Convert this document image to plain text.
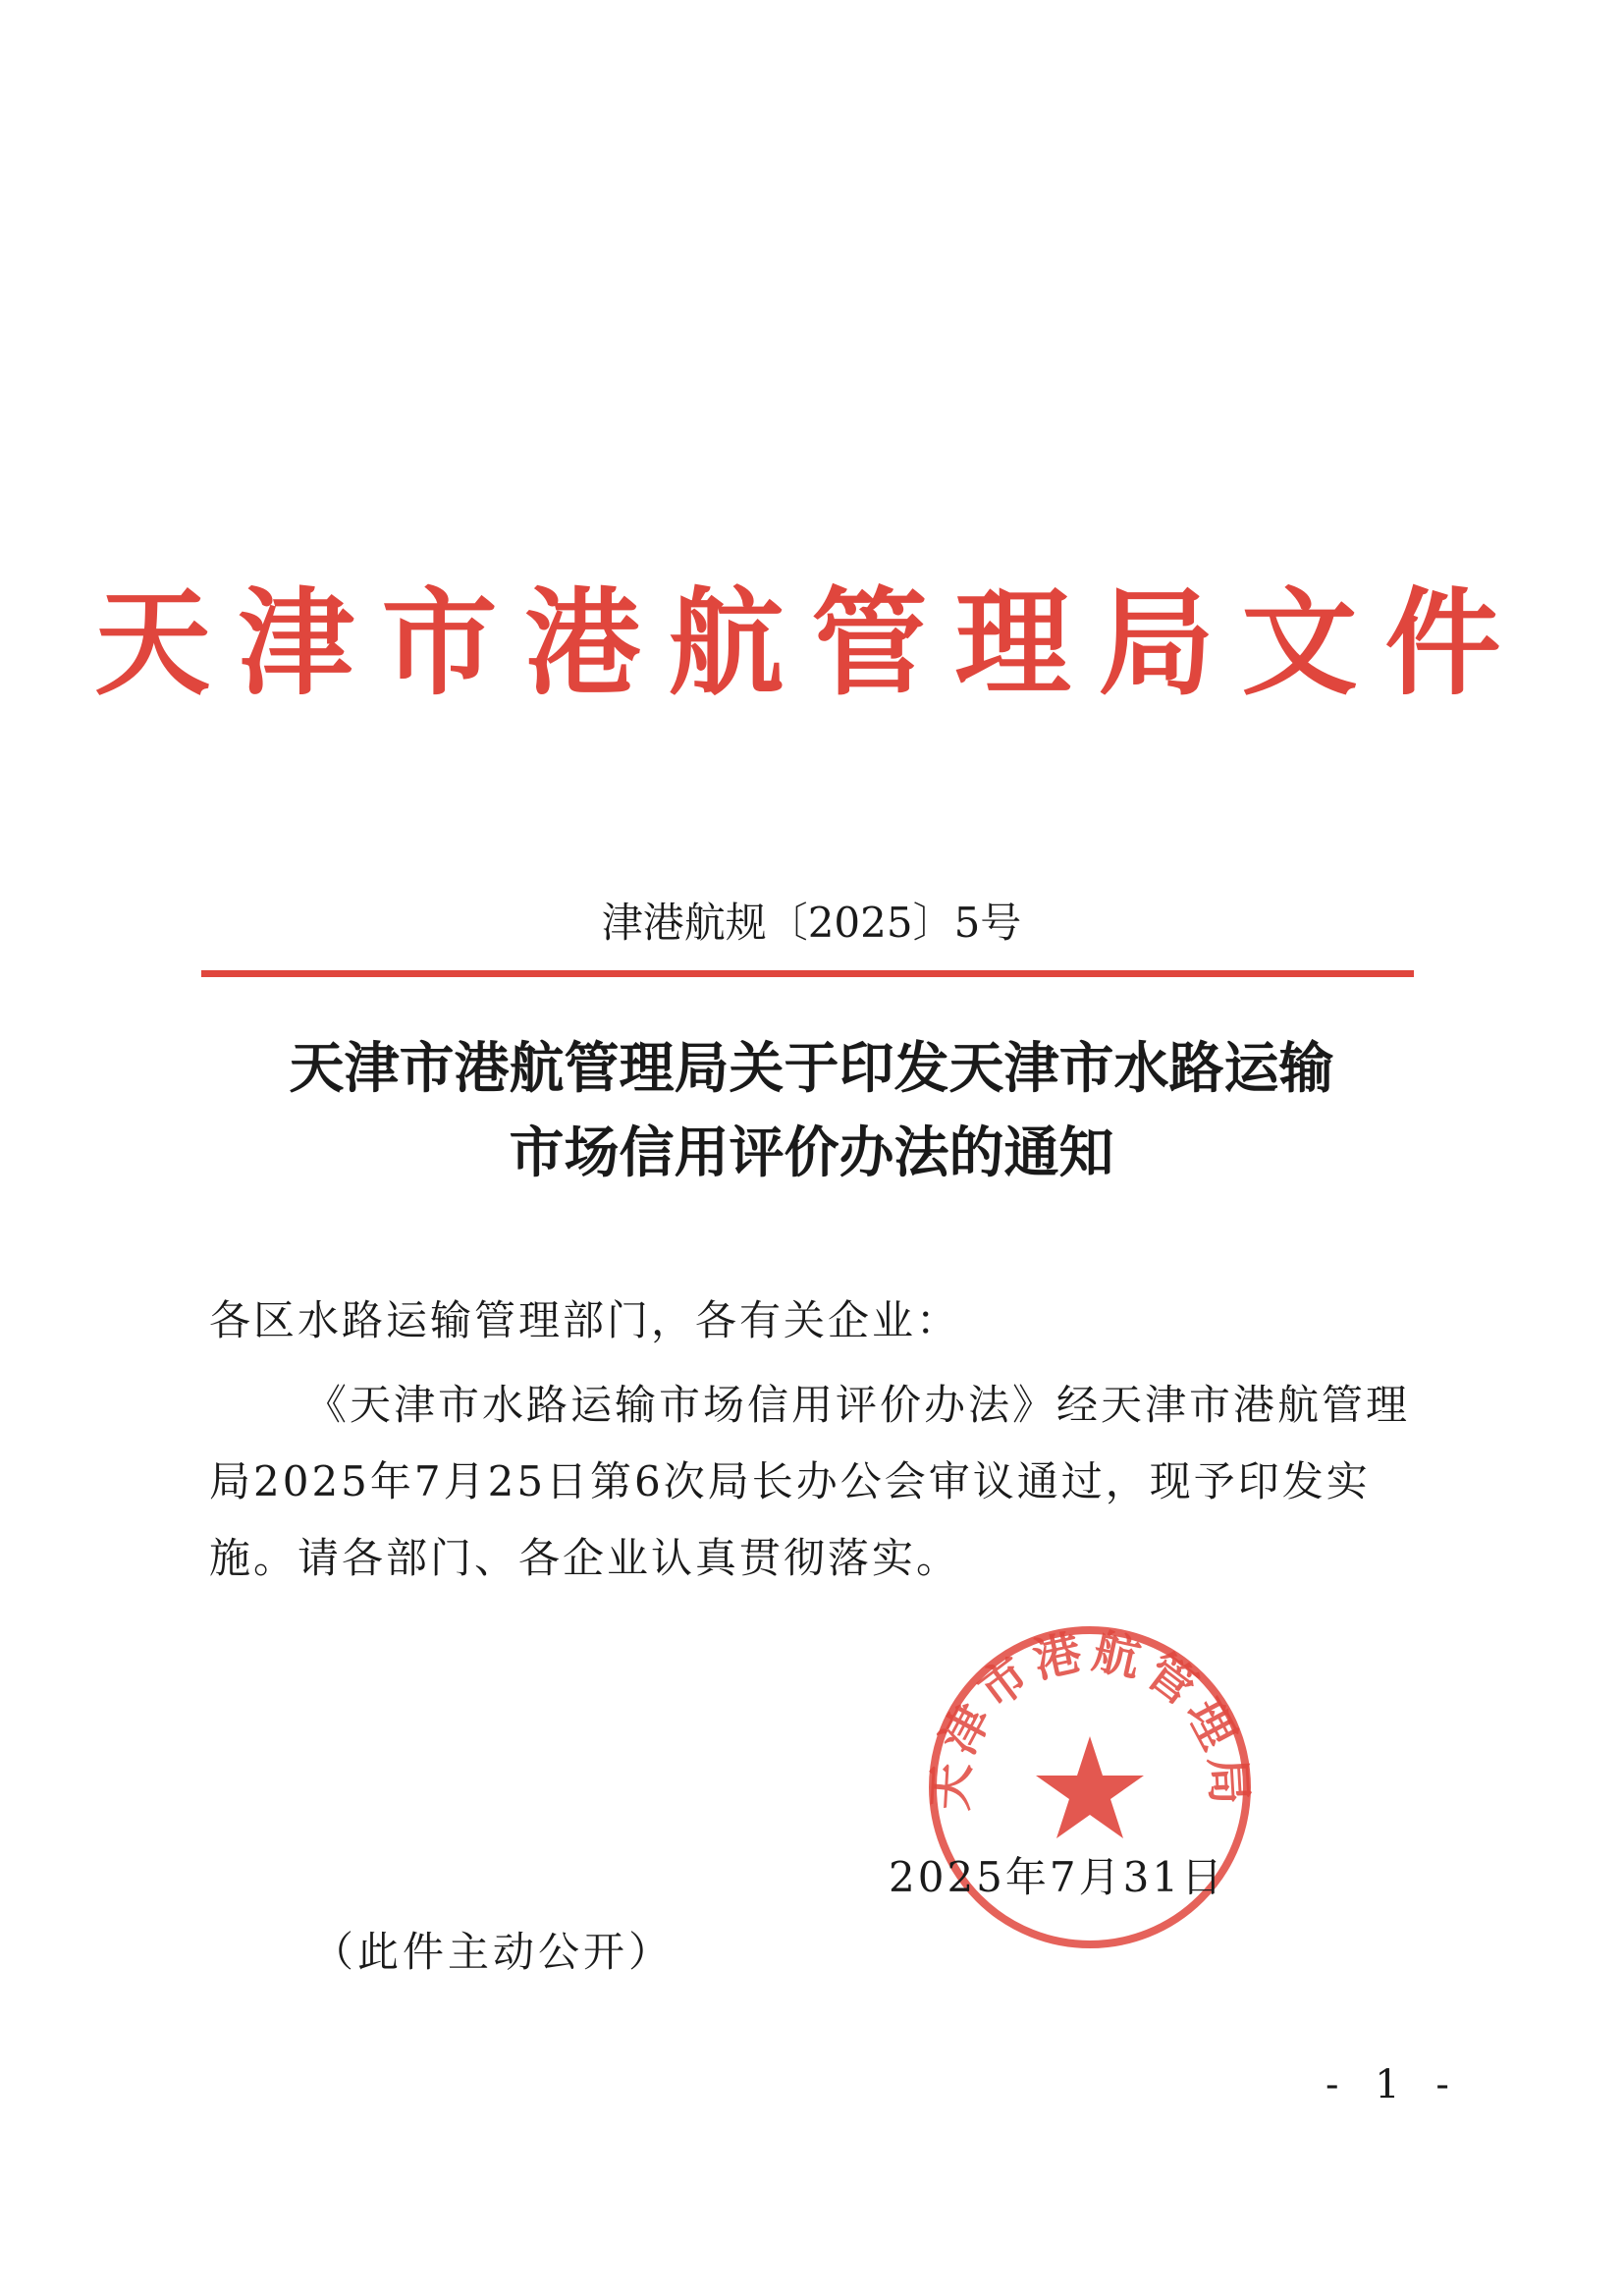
天津市港航管理局文件
津港航规〔2025〕5号
天津市港航管理局关于印发天津市水路运输
市场信用评价办法的通知
各区水路运输管理部门，各有关企业：
《天津市水路运输市场信用评价办法》经天津市港航管理局2025年7月25日第6次局长办公会审议通过，现予印发实施。请各部门、各企业认真贯彻落实。
天津市港航管理局
2025年7月31日
（此件主动公开）
- 1 -
